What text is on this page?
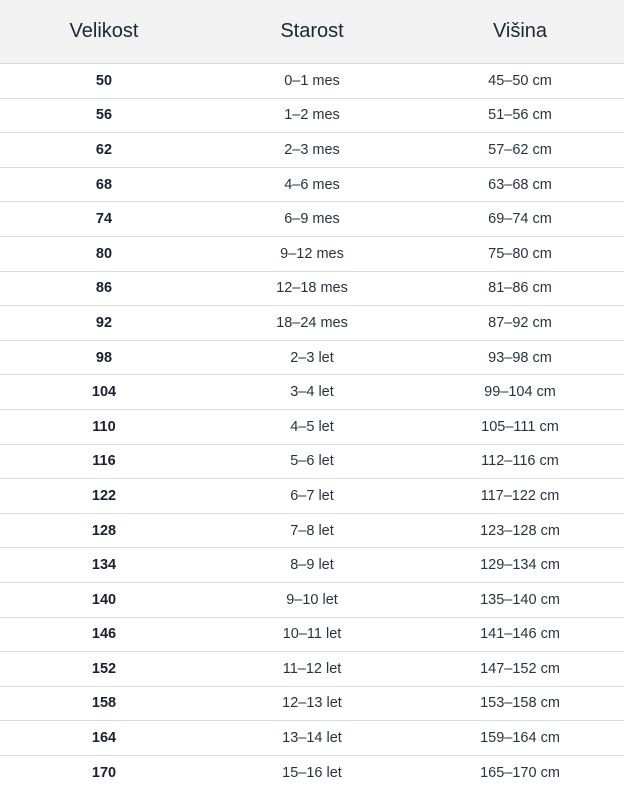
Velikost	Starost	Višina
50	0–1 mes	45–50 cm
56	1–2 mes	51–56 cm
62	2–3 mes	57–62 cm
68	4–6 mes	63–68 cm
74	6–9 mes	69–74 cm
80	9–12 mes	75–80 cm
86	12–18 mes	81–86 cm
92	18–24 mes	87–92 cm
98	2–3 let	93–98 cm
104	3–4 let	99–104 cm
110	4–5 let	105–111 cm
116	5–6 let	112–116 cm
122	6–7 let	117–122 cm
128	7–8 let	123–128 cm
134	8–9 let	129–134 cm
140	9–10 let	135–140 cm
146	10–11 let	141–146 cm
152	11–12 let	147–152 cm
158	12–13 let	153–158 cm
164	13–14 let	159–164 cm
170	15–16 let	165–170 cm
